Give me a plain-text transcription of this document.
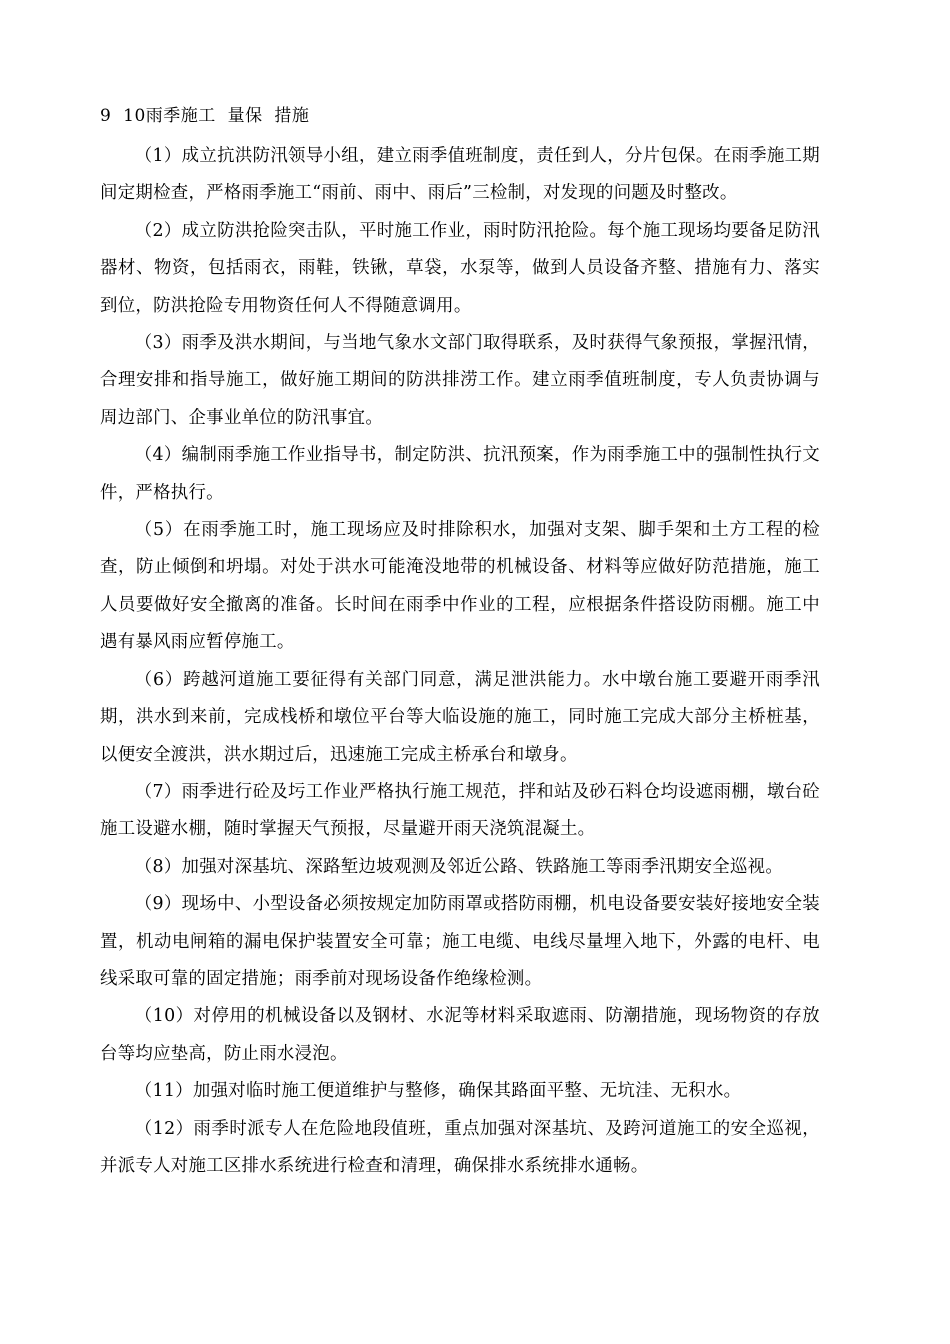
9  10雨季施工  量保  措施

（1）成立抗洪防汛领导小组，建立雨季值班制度，责任到人，分片包保。在雨季施工期间定期检查，严格雨季施工“雨前、雨中、雨后”三检制，对发现的问题及时整改。

（2）成立防洪抢险突击队，平时施工作业，雨时防汛抢险。每个施工现场均要备足防汛器材、物资，包括雨衣，雨鞋，铁锹，草袋，水泵等，做到人员设备齐整、措施有力、落实到位，防洪抢险专用物资任何人不得随意调用。

（3）雨季及洪水期间，与当地气象水文部门取得联系，及时获得气象预报，掌握汛情，合理安排和指导施工，做好施工期间的防洪排涝工作。建立雨季值班制度，专人负责协调与周边部门、企事业单位的防汛事宜。

（4）编制雨季施工作业指导书，制定防洪、抗汛预案，作为雨季施工中的强制性执行文件，严格执行。

（5）在雨季施工时，施工现场应及时排除积水，加强对支架、脚手架和土方工程的检查，防止倾倒和坍塌。对处于洪水可能淹没地带的机械设备、材料等应做好防范措施，施工人员要做好安全撤离的准备。长时间在雨季中作业的工程，应根据条件搭设防雨棚。施工中遇有暴风雨应暂停施工。

（6）跨越河道施工要征得有关部门同意，满足泄洪能力。水中墩台施工要避开雨季汛期，洪水到来前，完成栈桥和墩位平台等大临设施的施工，同时施工完成大部分主桥桩基，以便安全渡洪，洪水期过后，迅速施工完成主桥承台和墩身。

（7）雨季进行砼及圬工作业严格执行施工规范，拌和站及砂石料仓均设遮雨棚，墩台砼施工设避水棚，随时掌握天气预报，尽量避开雨天浇筑混凝土。

（8）加强对深基坑、深路堑边坡观测及邻近公路、铁路施工等雨季汛期安全巡视。

（9）现场中、小型设备必须按规定加防雨罩或搭防雨棚，机电设备要安装好接地安全装置，机动电闸箱的漏电保护装置安全可靠；施工电缆、电线尽量埋入地下，外露的电杆、电线采取可靠的固定措施；雨季前对现场设备作绝缘检测。

（10）对停用的机械设备以及钢材、水泥等材料采取遮雨、防潮措施，现场物资的存放台等均应垫高，防止雨水浸泡。

（11）加强对临时施工便道维护与整修，确保其路面平整、无坑洼、无积水。

（12）雨季时派专人在危险地段值班，重点加强对深基坑、及跨河道施工的安全巡视，并派专人对施工区排水系统进行检查和清理，确保排水系统排水通畅。
